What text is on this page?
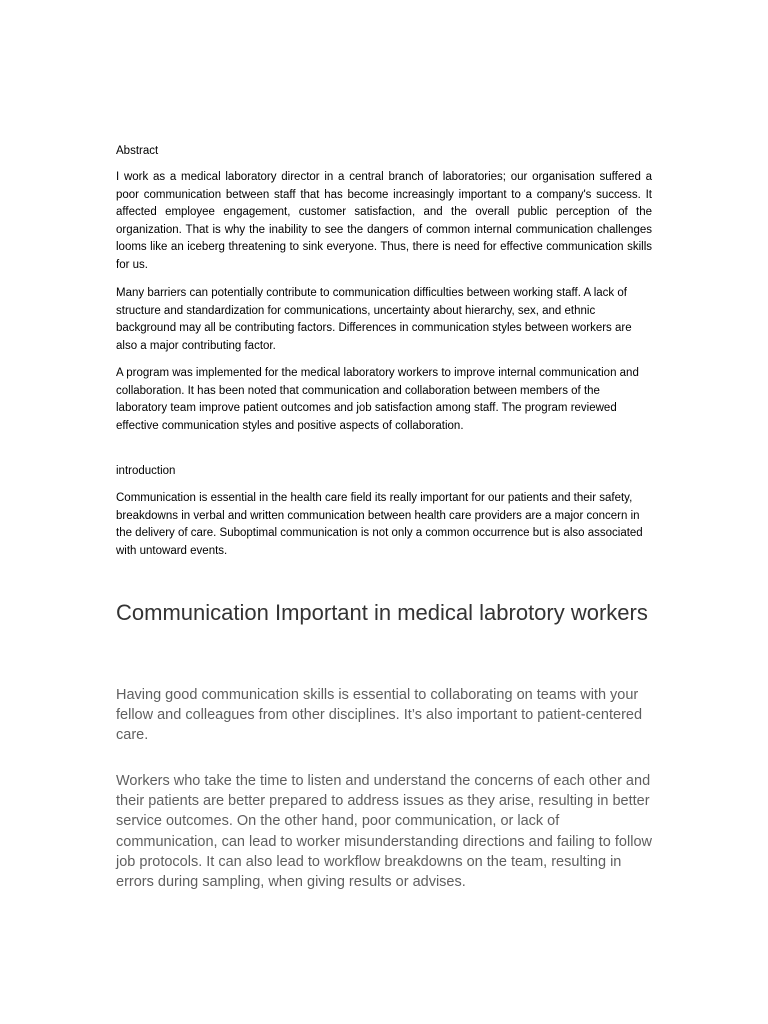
Abstract

I work as a medical laboratory director in a central branch of laboratories; our organisation suffered a poor communication between staff that has become increasingly important to a company's success. It affected employee engagement, customer satisfaction, and the overall public perception of the organization. That is why the inability to see the dangers of common internal communication challenges looms like an iceberg threatening to sink everyone. Thus, there is need for effective communication skills for us.

Many barriers can potentially contribute to communication difficulties between working staff. A lack of structure and standardization for communications, uncertainty about hierarchy, sex, and ethnic background may all be contributing factors. Differences in communication styles between workers are also a major contributing factor.

A program was implemented for the medical laboratory workers to improve internal communication and collaboration. It has been noted that communication and collaboration between members of the laboratory team improve patient outcomes and job satisfaction among staff. The program reviewed effective communication styles and positive aspects of collaboration.

introduction

Communication is essential in the health care field its really important for our patients and their safety, breakdowns in verbal and written communication between health care providers are a major concern in the delivery of care. Suboptimal communication is not only a common occurrence but is also associated with untoward events.

Communication Important in medical labrotory workers

Having good communication skills is essential to collaborating on teams with your fellow and colleagues from other disciplines. It’s also important to patient-centered care.

Workers who take the time to listen and understand the concerns of each other and their patients are better prepared to address issues as they arise, resulting in better service outcomes. On the other hand, poor communication, or lack of communication, can lead to worker misunderstanding directions and failing to follow job protocols. It can also lead to workflow breakdowns on the team, resulting in errors during sampling, when giving results or advises.
